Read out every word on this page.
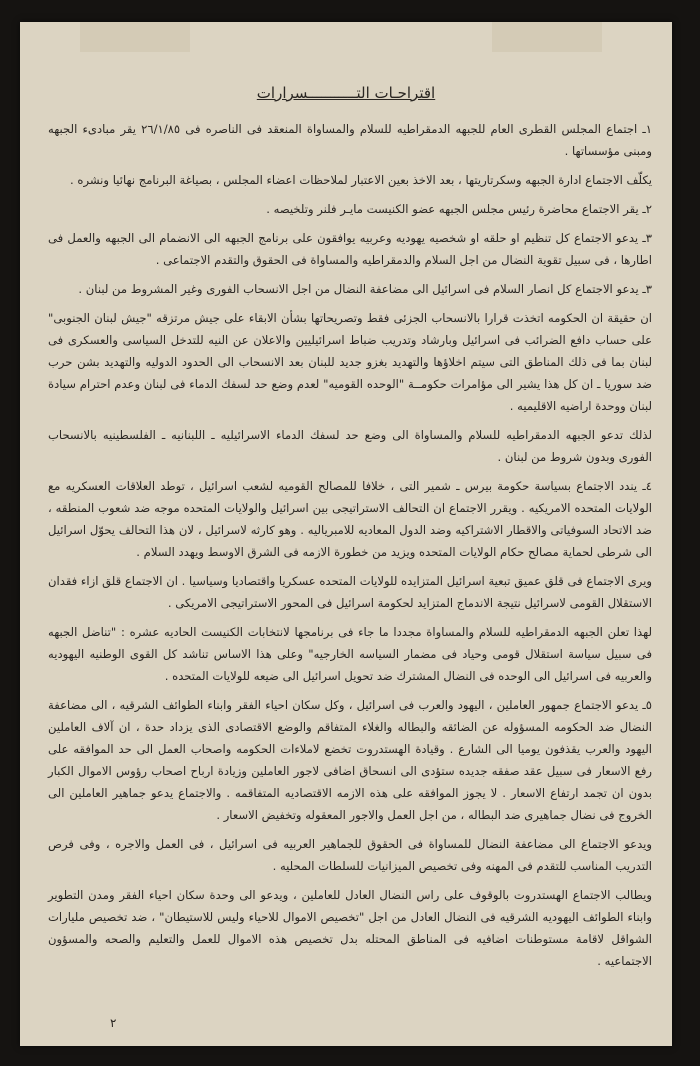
اقتراحـات التـــــــــــسرارات

١ـ اجتماع المجلس القطرى العام للجبهه الدمقراطيه للسلام والمساواة المنعقد فى الناصره فى ٢٦/١/٨٥ يقر مبادىء الجبهه ومبنى مؤسساتها .

يكلّف الاجتماع ادارة الجبهه وسكرتاريتها ، بعد الاخذ بعين الاعتبار لملاحظات اعضاء المجلس ، بصياغة البرنامج نهائيا ونشره .

٢ـ يقر الاجتماع محاضرة رئيس مجلس الجبهه عضو الكنيست مايـر فلنر وتلخيصه .

٣ـ يدعو الاجتماع كل تنظيم او حلقه او شخصيه يهوديه وعربيه يوافقون على برنامج الجبهه الى الانضمام الى الجبهه والعمل فى اطارها ، فى سبيل تقوية النضال من اجل السلام والدمقراطيه والمساواة فى الحقوق والتقدم الاجتماعى .

٣ـ يدعو الاجتماع كل انصار السلام فى اسرائيل الى مضاعفة النضال من اجل الانسحاب الفورى وغير المشروط من لبنان .

ان حقيقة ان الحكومه اتخذت قرارا بالانسحاب الجزئى فقط وتصريحاتها بشأن الابقاء على جيش مرتزقه "جيش لبنان الجنوبى" على حساب دافع الضرائب فى اسرائيل وبارشاد وتدريب ضباط اسرائيليين والاعلان عن النيه للتدخل السياسى والعسكرى فى لبنان بما فى ذلك المناطق التى سيتم اخلاؤها والتهديد بغزو جديد للبنان بعد الانسحاب الى الحدود الدوليه والتهديد بشن حرب ضد سوريا ـ ان كل هذا يشير الى مؤامرات حكومــة "الوحده القوميه" لعدم وضع حد لسفك الدماء فى لبنان وعدم احترام سيادة لبنان ووحدة اراضيه الاقليميه .

لذلك تدعو الجبهه الدمقراطيه للسلام والمساواة الى وضع حد لسفك الدماء الاسرائيليه ـ اللبنانيه ـ الفلسطينيه بالانسحاب الفورى وبدون شروط من لبنان .

٤ـ يندد الاجتماع بسياسة حكومة بيرس ـ شمير التى ، خلافا للمصالح القوميه لشعب اسرائيل ، توطد العلاقات العسكريه مع الولايات المتحده الامريكيه . ويقرر الاجتماع ان التحالف الاستراتيجى بين اسرائيل والولايات المتحده موجه ضد شعوب المنطقه ، ضد الاتحاد السوفياتى والاقطار الاشتراكيه وضد الدول المعاديه للامبرياليه . وهو كارثه لاسرائيل ، لان هذا التحالف يحوّل اسرائيل الى شرطى لحماية مصالح حكام الولايات المتحده ويزيد من خطورة الازمه فى الشرق الاوسط ويهدد السلام .

ويرى الاجتماع فى قلق عميق تبعية اسرائيل المتزايده للولايات المتحده عسكريا واقتصاديا وسياسيا . ان الاجتماع قلق ازاء فقدان الاستقلال القومى لاسرائيل نتيجة الاندماج المتزايد لحكومة اسرائيل فى المحور الاستراتيجى الامريكى .

لهذا تعلن الجبهه الدمقراطيه للسلام والمساواة مجددا ما جاء فى برنامجها لانتخابات الكنيست الحاديه عشره : "تناضل الجبهه فى سبيل سياسة استقلال قومى وحياد فى مضمار السياسه الخارجيه" وعلى هذا الاساس تناشد كل القوى الوطنيه اليهوديه والعربيه فى اسرائيل الى الوحده فى النضال المشترك ضد تحويل اسرائيل الى ضيعه للولايات المتحده .

٥ـ يدعو الاجتماع جمهور العاملين ، اليهود والعرب فى اسرائيل ، وكل سكان احياء الفقر وابناء الطوائف الشرقيه ، الى مضاعفة النضال ضد الحكومه المسؤوله عن الضائقه والبطاله والغلاء المتفاقم والوضع الاقتصادى الذى يزداد حدة ، ان آلاف العاملين اليهود والعرب يقذفون يوميا الى الشارع . وقيادة الهستدروت تخضع لاملاءات الحكومه واصحاب العمل الى حد الموافقه على رفع الاسعار فى سبيل عقد صفقه جديده ستؤدى الى انسحاق اضافى لاجور العاملين وزيادة ارباح اصحاب رؤوس الاموال الكبار بدون ان تجمد ارتفاع الاسعار . لا يجوز الموافقه على هذه الازمه الاقتصاديه المتفاقمه . والاجتماع يدعو جماهير العاملين الى الخروج فى نضال جماهيرى ضد البطاله ، من اجل العمل والاجور المعقوله وتخفيض الاسعار .

ويدعو الاجتماع الى مضاعفة النضال للمساواة فى الحقوق للجماهير العربيه فى اسرائيل ، فى العمل والاجره ، وفى فرص التدريب المناسب للتقدم فى المهنه وفى تخصيص الميزانيات للسلطات المحليه .

ويطالب الاجتماع الهستدروت بالوقوف على راس النضال العادل للعاملين ، ويدعو الى وحدة سكان احياء الفقر ومدن التطوير وابناء الطوائف اليهوديه الشرقيه فى النضال العادل من اجل "تخصيص الاموال للاحياء وليس للاستيطان" ، ضد تخصيص مليارات الشواقل لاقامة مستوطنات اضافيه فى المناطق المحتله بدل تخصيص هذه الاموال للعمل والتعليم والصحه والمسؤون الاجتماعيه .

٢
